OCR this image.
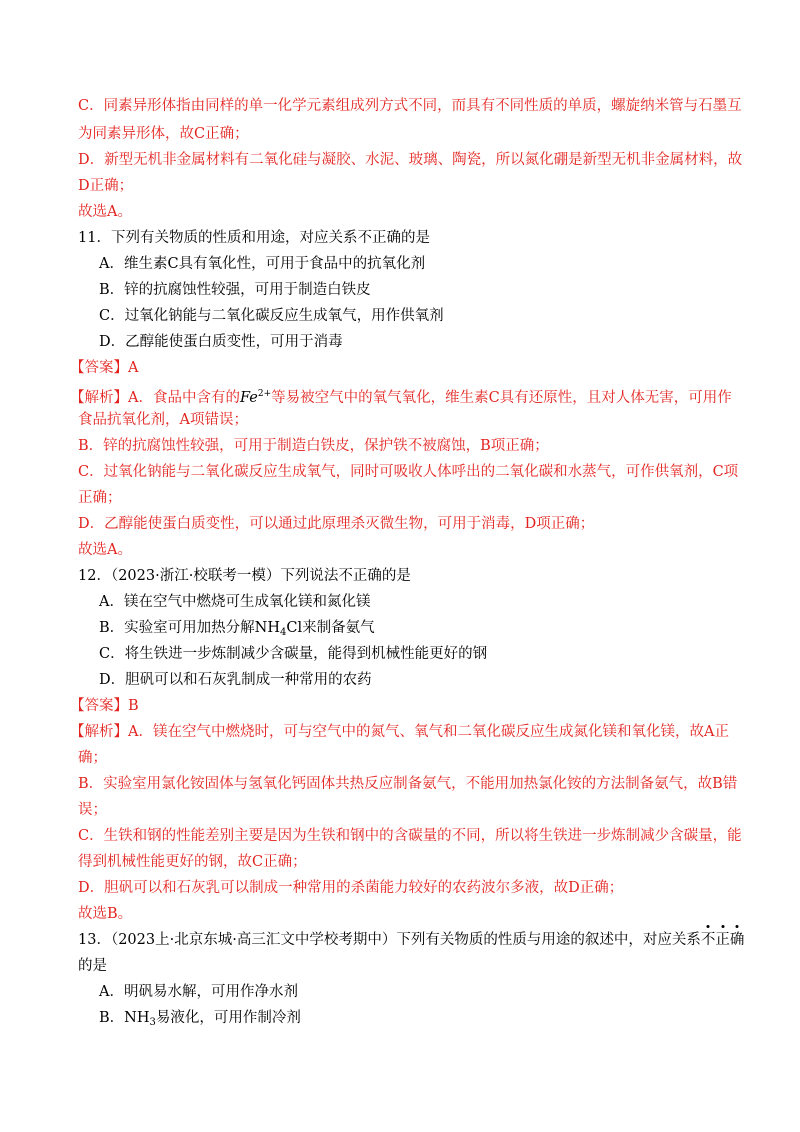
C．同素异形体指由同样的单一化学元素组成列方式不同，而具有不同性质的单质，螺旋纳米管与石墨互
为同素异形体，故C正确；
D．新型无机非金属材料有二氧化硅与凝胶、水泥、玻璃、陶瓷，所以氮化硼是新型无机非金属材料，故
D正确；
故选A。
11．下列有关物质的性质和用途，对应关系不正确的是
A．维生素C具有氧化性，可用于食品中的抗氧化剂
B．锌的抗腐蚀性较强，可用于制造白铁皮
C．过氧化钠能与二氧化碳反应生成氧气，用作供氧剂
D．乙醇能使蛋白质变性，可用于消毒
【答案】A
【解析】A．食品中含有的$Fe^{2+}$等易被空气中的氧气氧化，维生素C具有还原性，且对人体无害，可用作
食品抗氧化剂，A项错误；
B．锌的抗腐蚀性较强，可用于制造白铁皮，保护铁不被腐蚀，B项正确；
C．过氧化钠能与二氧化碳反应生成氧气，同时可吸收人体呼出的二氧化碳和水蒸气，可作供氧剂，C项
正确；
D．乙醇能使蛋白质变性，可以通过此原理杀灭微生物，可用于消毒，D项正确；
故选A。
12．（2023·浙江·校联考一模）下列说法不正确的是
A．镁在空气中燃烧可生成氧化镁和氮化镁
B．实验室可用加热分解$NH_4Cl$来制备氨气
C．将生铁进一步炼制减少含碳量，能得到机械性能更好的钢
D．胆矾可以和石灰乳制成一种常用的农药
【答案】B
【解析】A．镁在空气中燃烧时，可与空气中的氮气、氧气和二氧化碳反应生成氮化镁和氧化镁，故A正
确；
B．实验室用氯化铵固体与氢氧化钙固体共热反应制备氨气，不能用加热氯化铵的方法制备氨气，故B错
误；
C．生铁和钢的性能差别主要是因为生铁和钢中的含碳量的不同，所以将生铁进一步炼制减少含碳量，能
得到机械性能更好的钢，故C正确；
D．胆矾可以和石灰乳可以制成一种常用的杀菌能力较好的农药波尔多液，故D正确；
故选B。
13．（2023上·北京东城·高三汇文中学校考期中）下列有关物质的性质与用途的叙述中，对应关系不正确
的是
A．明矾易水解，可用作净水剂
B．$NH_3$易液化，可用作制冷剂
